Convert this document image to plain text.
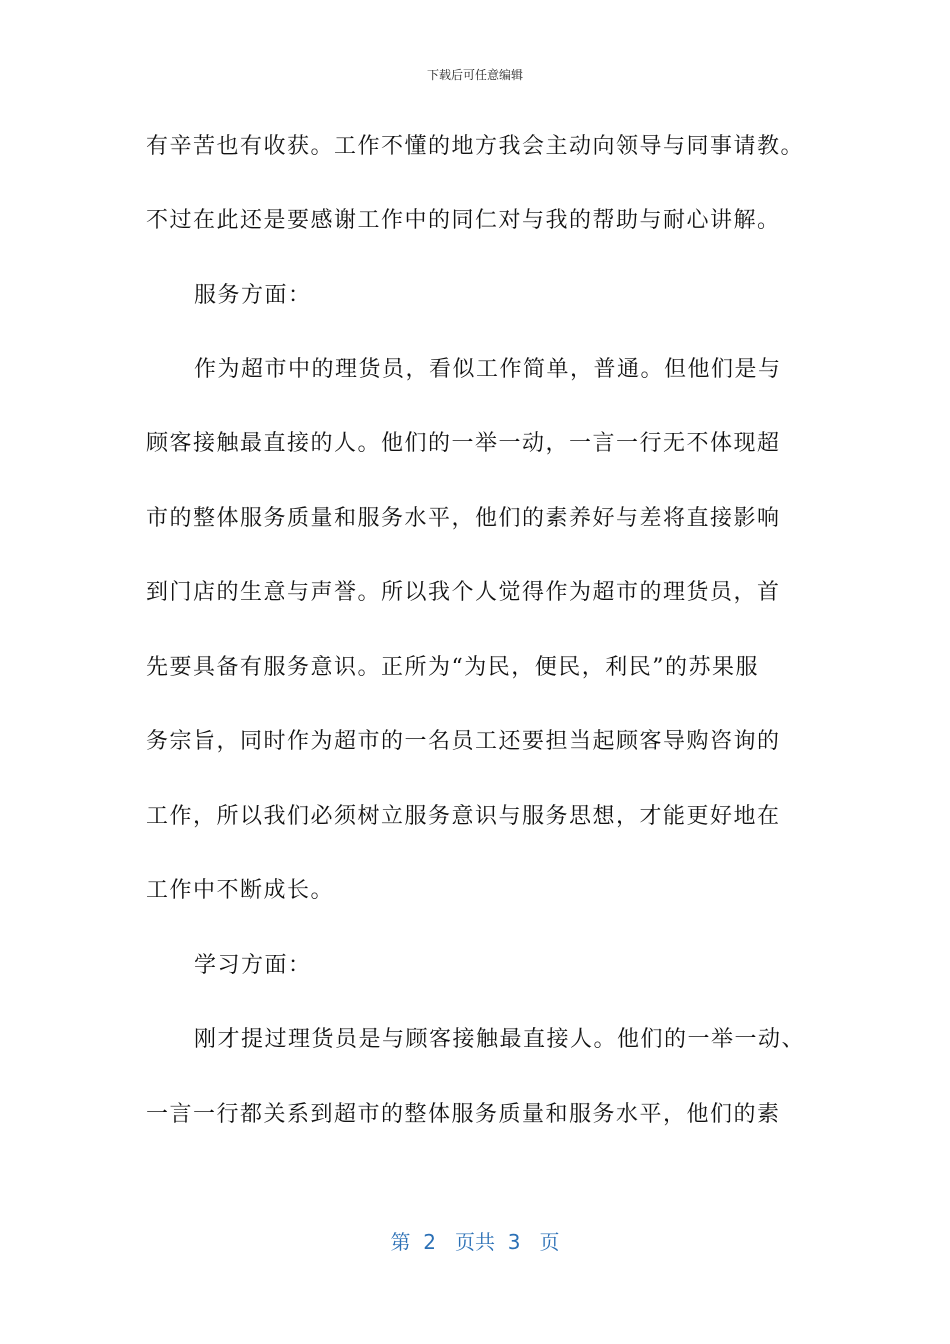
下载后可任意编辑
有辛苦也有收获。工作不懂的地方我会主动向领导与同事请教。
不过在此还是要感谢工作中的同仁对与我的帮助与耐心讲解。
服务方面：
作为超市中的理货员，看似工作简单，普通。但他们是与
顾客接触最直接的人。他们的一举一动，一言一行无不体现超
市的整体服务质量和服务水平，他们的素养好与差将直接影响
到门店的生意与声誉。所以我个人觉得作为超市的理货员，首
先要具备有服务意识。正所为“为民，便民，利民”的苏果服
务宗旨，同时作为超市的一名员工还要担当起顾客导购咨询的
工作，所以我们必须树立服务意识与服务思想，才能更好地在
工作中不断成长。
学习方面：
刚才提过理货员是与顾客接触最直接人。他们的一举一动、
一言一行都关系到超市的整体服务质量和服务水平，他们的素
第  2   页共  3   页
